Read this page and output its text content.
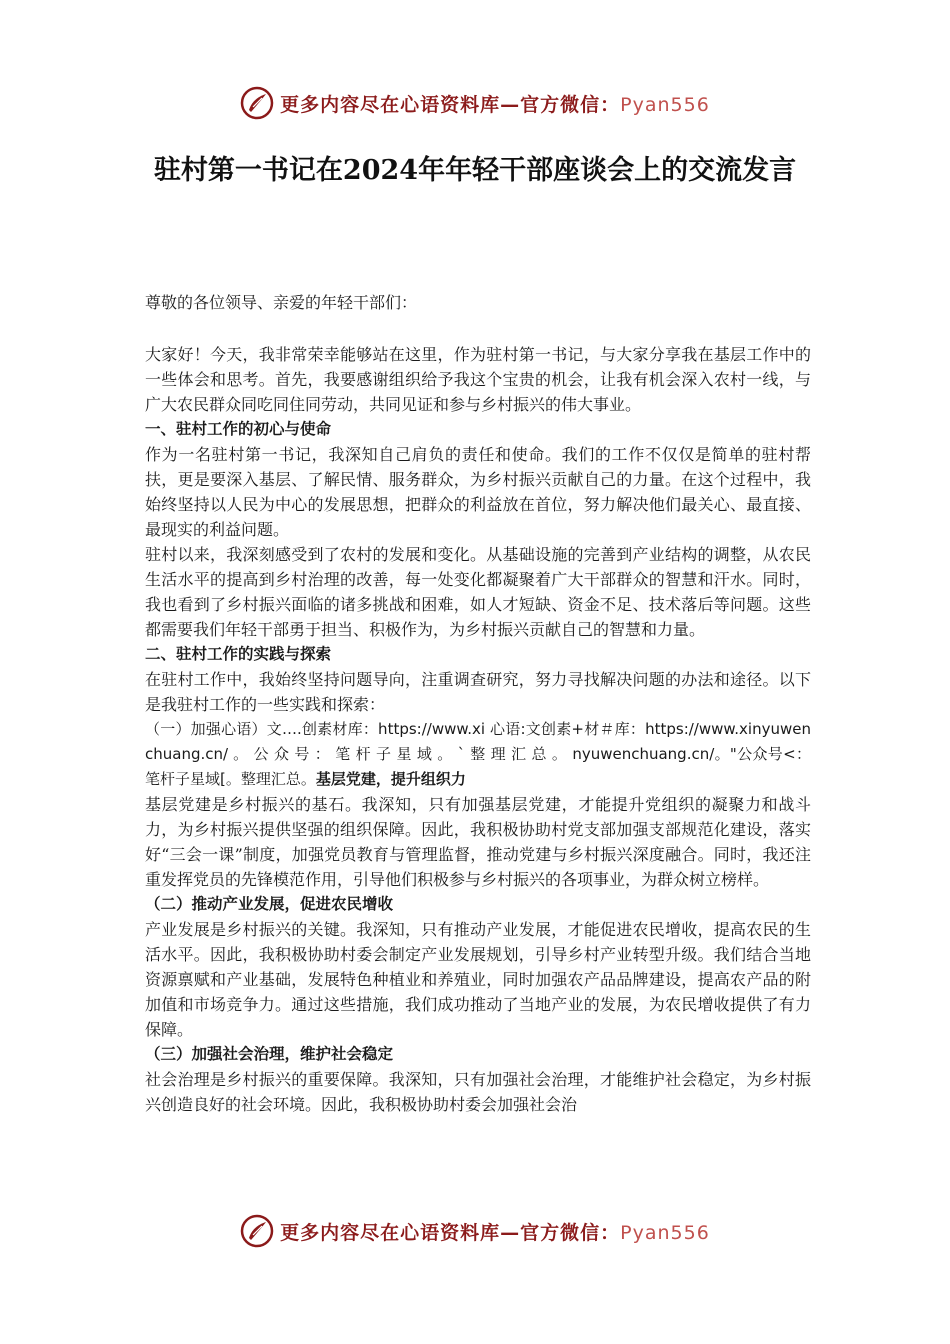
更多内容尽在心语资料库—官方微信：Pyan556
驻村第一书记在2024年年轻干部座谈会上的交流发言

尊敬的各位领导、亲爱的年轻干部们：

大家好！今天，我非常荣幸能够站在这里，作为驻村第一书记，与大家分享我在基层工作中的一些体会和思考。首先，我要感谢组织给予我这个宝贵的机会，让我有机会深入农村一线，与广大农民群众同吃同住同劳动，共同见证和参与乡村振兴的伟大事业。

一、驻村工作的初心与使命

作为一名驻村第一书记，我深知自己肩负的责任和使命。我们的工作不仅仅是简单的驻村帮扶，更是要深入基层、了解民情、服务群众，为乡村振兴贡献自己的力量。在这个过程中，我始终坚持以人民为中心的发展思想，把群众的利益放在首位，努力解决他们最关心、最直接、最现实的利益问题。

驻村以来，我深刻感受到了农村的发展和变化。从基础设施的完善到产业结构的调整，从农民生活水平的提高到乡村治理的改善，每一处变化都凝聚着广大干部群众的智慧和汗水。同时，我也看到了乡村振兴面临的诸多挑战和困难，如人才短缺、资金不足、技术落后等问题。这些都需要我们年轻干部勇于担当、积极作为，为乡村振兴贡献自己的智慧和力量。

二、驻村工作的实践与探索

在驻村工作中，我始终坚持问题导向，注重调查研究，努力寻找解决问题的办法和途径。以下是我驻村工作的一些实践和探索：

（一）加强心语）文….创素材库：https://www.xi 心语:文创素+材＃库：https://www.xinyuwenchuang.cn/ 。 公 众 号 ： 笔 杆 子 星 域 。 ` 整 理 汇 总 。 nyuwenchuang.cn/。"公众号<：笔杆子星域[。整理汇总。基层党建，提升组织力

基层党建是乡村振兴的基石。我深知，只有加强基层党建，才能提升党组织的凝聚力和战斗力，为乡村振兴提供坚强的组织保障。因此，我积极协助村党支部加强支部规范化建设，落实好“三会一课”制度，加强党员教育与管理监督，推动党建与乡村振兴深度融合。同时，我还注重发挥党员的先锋模范作用，引导他们积极参与乡村振兴的各项事业，为群众树立榜样。

（二）推动产业发展，促进农民增收

产业发展是乡村振兴的关键。我深知，只有推动产业发展，才能促进农民增收，提高农民的生活水平。因此，我积极协助村委会制定产业发展规划，引导乡村产业转型升级。我们结合当地资源禀赋和产业基础，发展特色种植业和养殖业，同时加强农产品品牌建设，提高农产品的附加值和市场竞争力。通过这些措施，我们成功推动了当地产业的发展，为农民增收提供了有力保障。

（三）加强社会治理，维护社会稳定

社会治理是乡村振兴的重要保障。我深知，只有加强社会治理，才能维护社会稳定，为乡村振兴创造良好的社会环境。因此，我积极协助村委会加强社会治

更多内容尽在心语资料库—官方微信：Pyan556
